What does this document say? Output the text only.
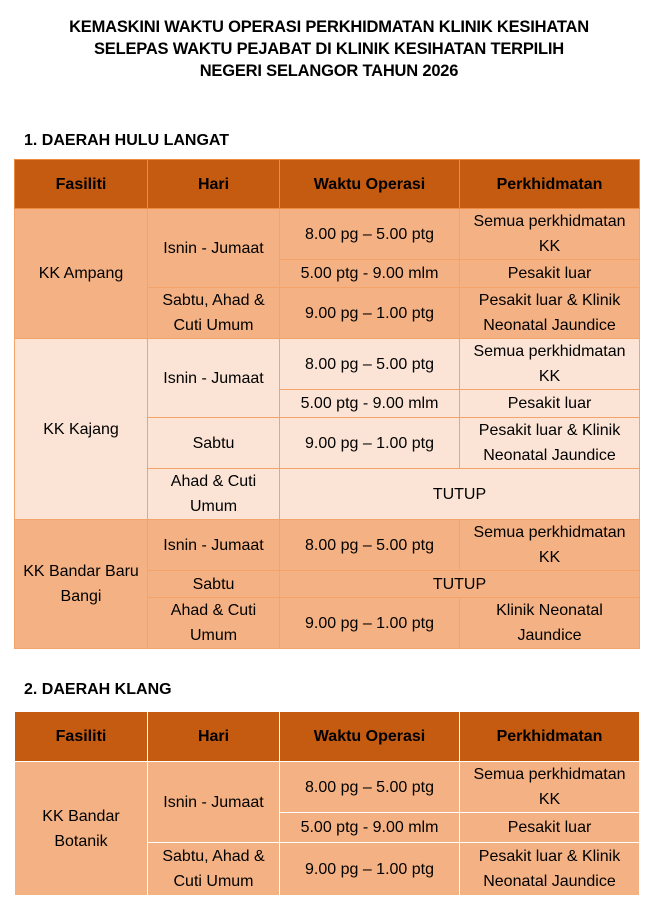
KEMASKINI WAKTU OPERASI PERKHIDMATAN KLINIK KESIHATAN
SELEPAS WAKTU PEJABAT DI KLINIK KESIHATAN TERPILIH
NEGERI SELANGOR TAHUN 2026
1. DAERAH HULU LANGAT
Fasiliti	Hari	Waktu Operasi	Perkhidmatan
KK Ampang	Isnin - Jumaat	8.00 pg – 5.00 ptg	Semua perkhidmatan KK
		5.00 ptg - 9.00 mlm	Pesakit luar
	Sabtu, Ahad & Cuti Umum	9.00 pg – 1.00 ptg	Pesakit luar & Klinik Neonatal Jaundice
KK Kajang	Isnin - Jumaat	8.00 pg – 5.00 ptg	Semua perkhidmatan KK
		5.00 ptg - 9.00 mlm	Pesakit luar
	Sabtu	9.00 pg – 1.00 ptg	Pesakit luar & Klinik Neonatal Jaundice
	Ahad & Cuti Umum	TUTUP	
KK Bandar Baru Bangi	Isnin - Jumaat	8.00 pg – 5.00 ptg	Semua perkhidmatan KK
	Sabtu	TUTUP	
	Ahad & Cuti Umum	9.00 pg – 1.00 ptg	Klinik Neonatal Jaundice
2. DAERAH KLANG
Fasiliti	Hari	Waktu Operasi	Perkhidmatan
KK Bandar Botanik	Isnin - Jumaat	8.00 pg – 5.00 ptg	Semua perkhidmatan KK
		5.00 ptg - 9.00 mlm	Pesakit luar
	Sabtu, Ahad & Cuti Umum	9.00 pg – 1.00 ptg	Pesakit luar & Klinik Neonatal Jaundice
